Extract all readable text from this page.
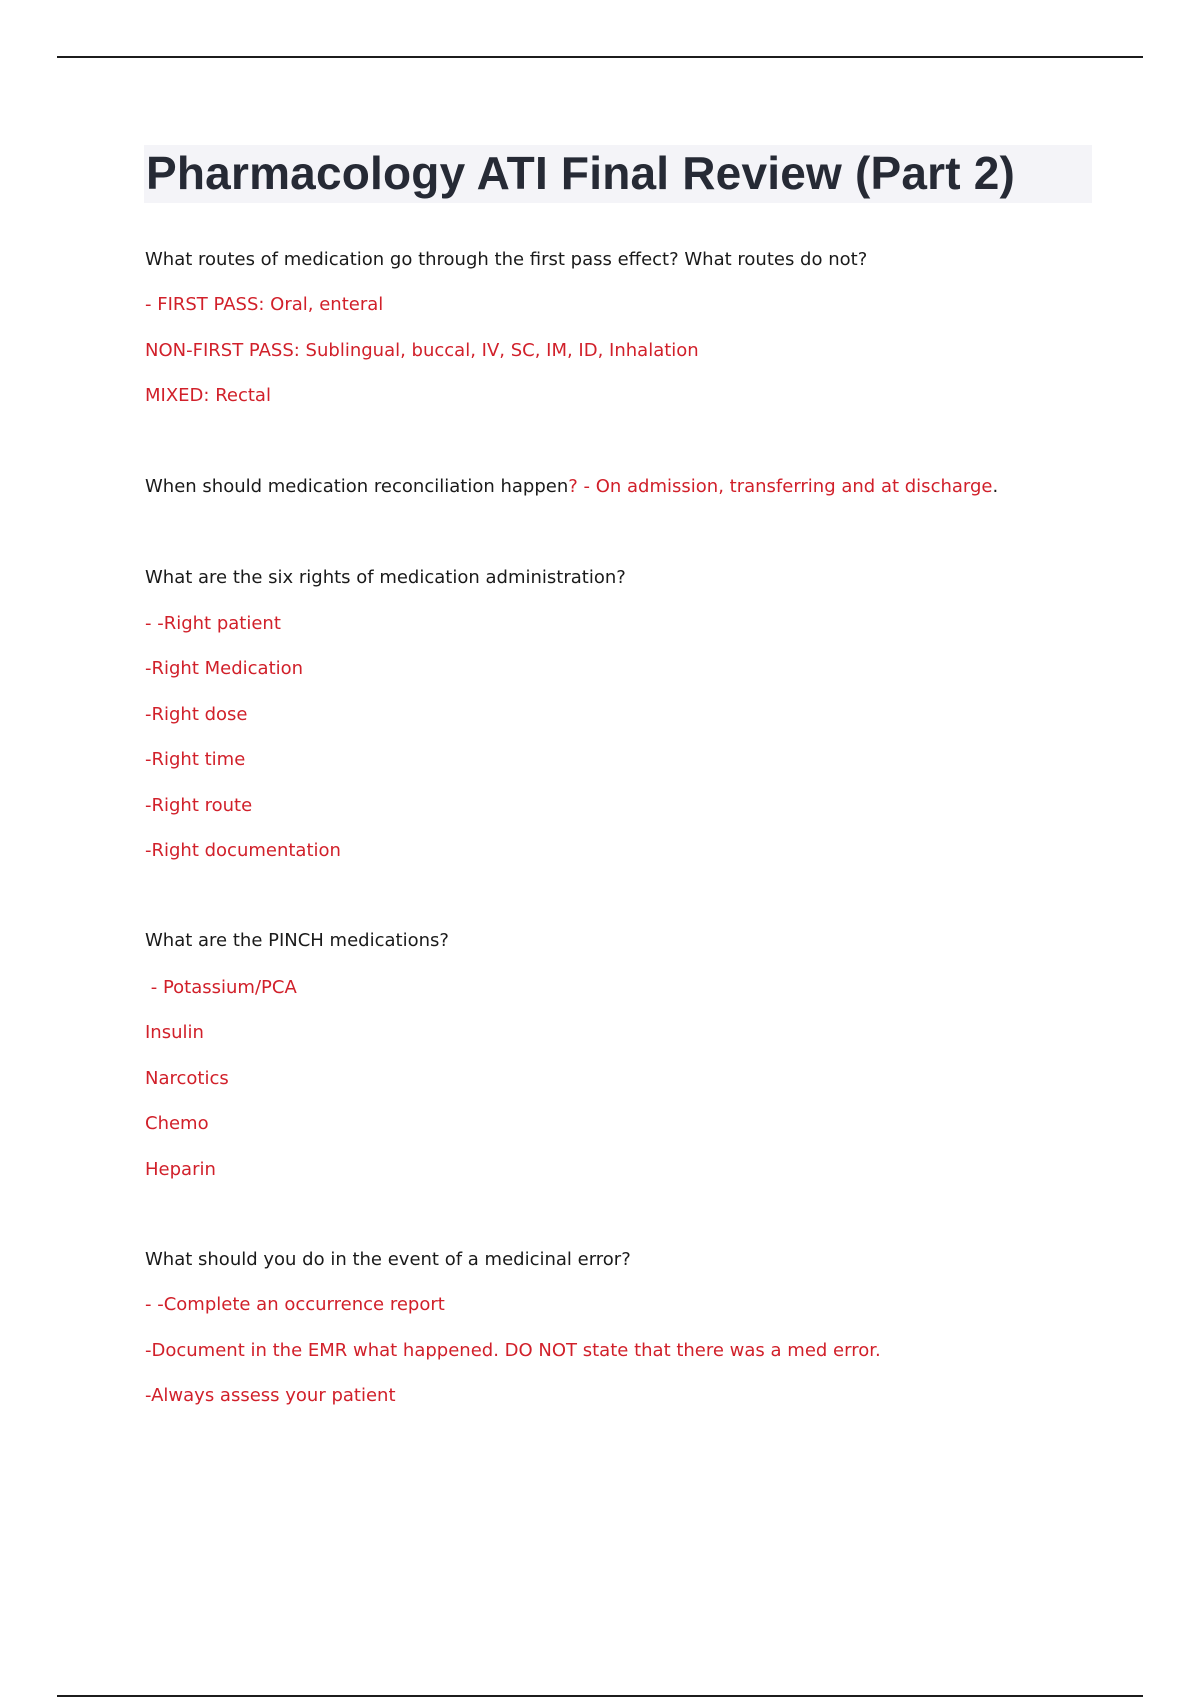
Pharmacology ATI Final Review (Part 2)

What routes of medication go through the first pass effect? What routes do not?

- FIRST PASS: Oral, enteral

NON-FIRST PASS: Sublingual, buccal, IV, SC, IM, ID, Inhalation

MIXED: Rectal

When should medication reconciliation happen? - On admission, transferring and at discharge.

What are the six rights of medication administration?

- -Right patient

-Right Medication

-Right dose

-Right time

-Right route

-Right documentation

What are the PINCH medications?

- Potassium/PCA

Insulin

Narcotics

Chemo

Heparin

What should you do in the event of a medicinal error?

- -Complete an occurrence report

-Document in the EMR what happened. DO NOT state that there was a med error.

-Always assess your patient
